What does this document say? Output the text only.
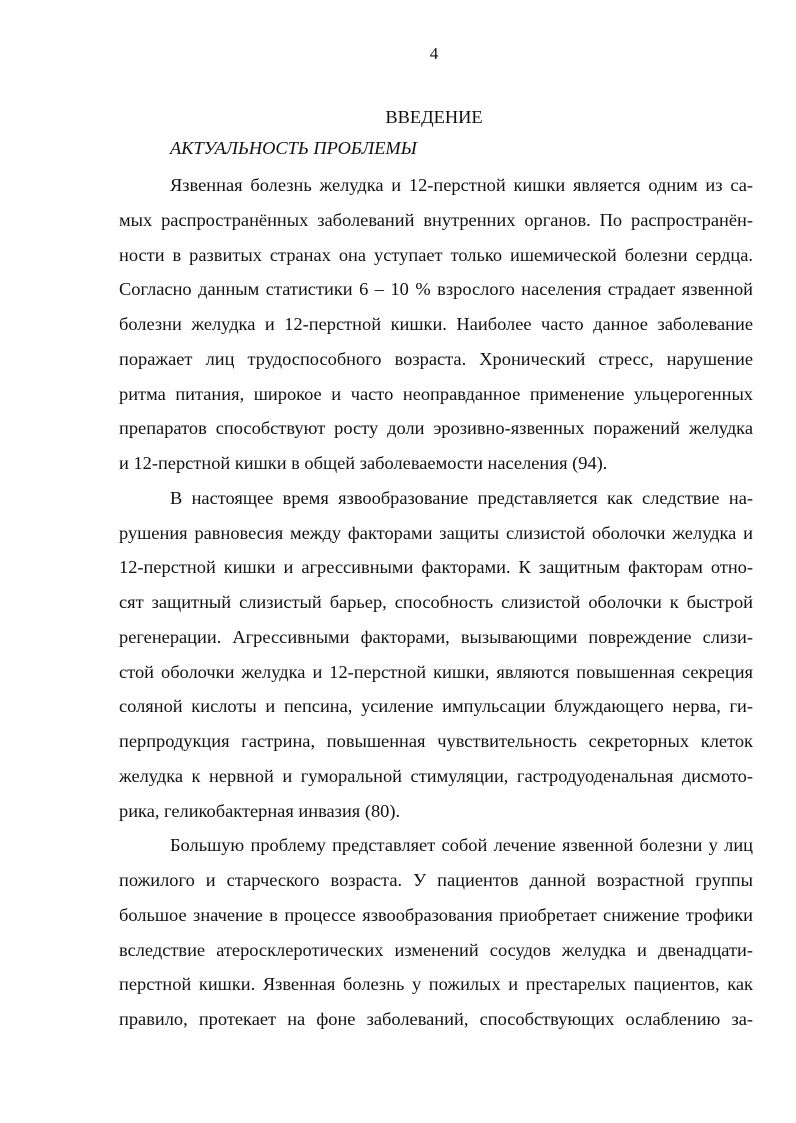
4
ВВЕДЕНИЕ
АКТУАЛЬНОСТЬ ПРОБЛЕМЫ
Язвенная болезнь желудка и 12-перстной кишки является одним из са-
мых распространённых заболеваний внутренних органов. По распространён-
ности в развитых странах она уступает только ишемической болезни сердца.
Согласно данным статистики 6 – 10 % взрослого населения страдает язвенной
болезни желудка и 12-перстной кишки. Наиболее часто данное заболевание
поражает лиц трудоспособного возраста. Хронический стресс, нарушение
ритма питания, широкое и часто неоправданное применение ульцерогенных
препаратов способствуют росту доли эрозивно-язвенных поражений желудка
и 12-перстной кишки в общей заболеваемости населения (94).
В настоящее время язвообразование представляется как следствие на-
рушения равновесия между факторами защиты слизистой оболочки желудка и
12-перстной кишки и агрессивными факторами. К защитным факторам отно-
сят защитный слизистый барьер, способность слизистой оболочки к быстрой
регенерации. Агрессивными факторами, вызывающими повреждение слизи-
стой оболочки желудка и 12-перстной кишки, являются повышенная секреция
соляной кислоты и пепсина, усиление импульсации блуждающего нерва, ги-
перпродукция гастрина, повышенная чувствительность секреторных клеток
желудка к нервной и гуморальной стимуляции, гастродуоденальная дисмото-
рика, геликобактерная инвазия (80).
Большую проблему представляет собой лечение язвенной болезни у лиц
пожилого и старческого возраста. У пациентов данной возрастной группы
большое значение в процессе язвообразования приобретает снижение трофики
вследствие атеросклеротических изменений сосудов желудка и двенадцати-
перстной кишки. Язвенная болезнь у пожилых и престарелых пациентов, как
правило, протекает на фоне заболеваний, способствующих ослаблению за-
